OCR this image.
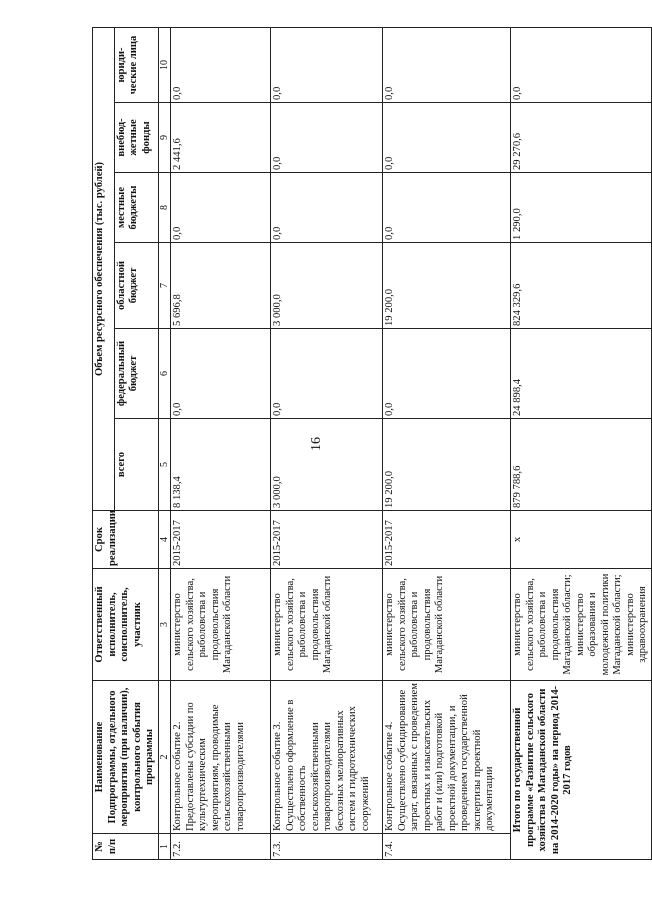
16
№ п/п	Наименование Подпрограммы, отдельного мероприятия (при наличии), контрольного события программы	Ответственный исполнитель, соисполнитель, участник	Срок реализации	Объем ресурсного обеспечения (тыс. рублей)					
				всего	федеральный бюджет	областной бюджет	местные бюджеты	внебюд- жетные фонды	юриди- ческие лица
1	2	3	4	5	6	7	8	9	10
7.2.	Контрольное событие 2. Предоставлены субсидии по культуртехническим мероприятиям, проводимые сельскохозяйственными товаропроизводителями	министерство сельского хозяйства, рыболовства и продовольствия Магаданской области	2015-2017	8 138,4	0,0	5 696,8	0,0	2 441,6	0,0
7.3.	Контрольное событие 3. Осуществлено оформление в собственность сельскохозяйственными товаропроизводителями бесхозных мелиоративных систем и гидротехнических сооружений	министерство сельского хозяйства, рыболовства и продовольствия Магаданской области	2015-2017	3 000,0	0,0	3 000,0	0,0	0,0	0,0
7.4.	Контрольное событие 4. Осуществлено субсидирование затрат, связанных с проведением проектных и изыскательских работ и (или) подготовкой проектной документации, и проведением государственной экспертизы проектной документации	министерство сельского хозяйства, рыболовства и продовольствия Магаданской области	2015-2017	19 200,0	0,0	19 200,0	0,0	0,0	0,0
Итого по государственной программе «Развитие сельского хозяйства в Магаданской области на 2014-2020 годы» на период 2014-2017 годов		министерство сельского хозяйства, рыболовства и продовольствия Магаданской области; министерство образования и молодежной политики Магаданской области; министерство здравоохранения	x	879 788,6	24 898,4	824 329,6	1 290,0	29 270,6	0,0
